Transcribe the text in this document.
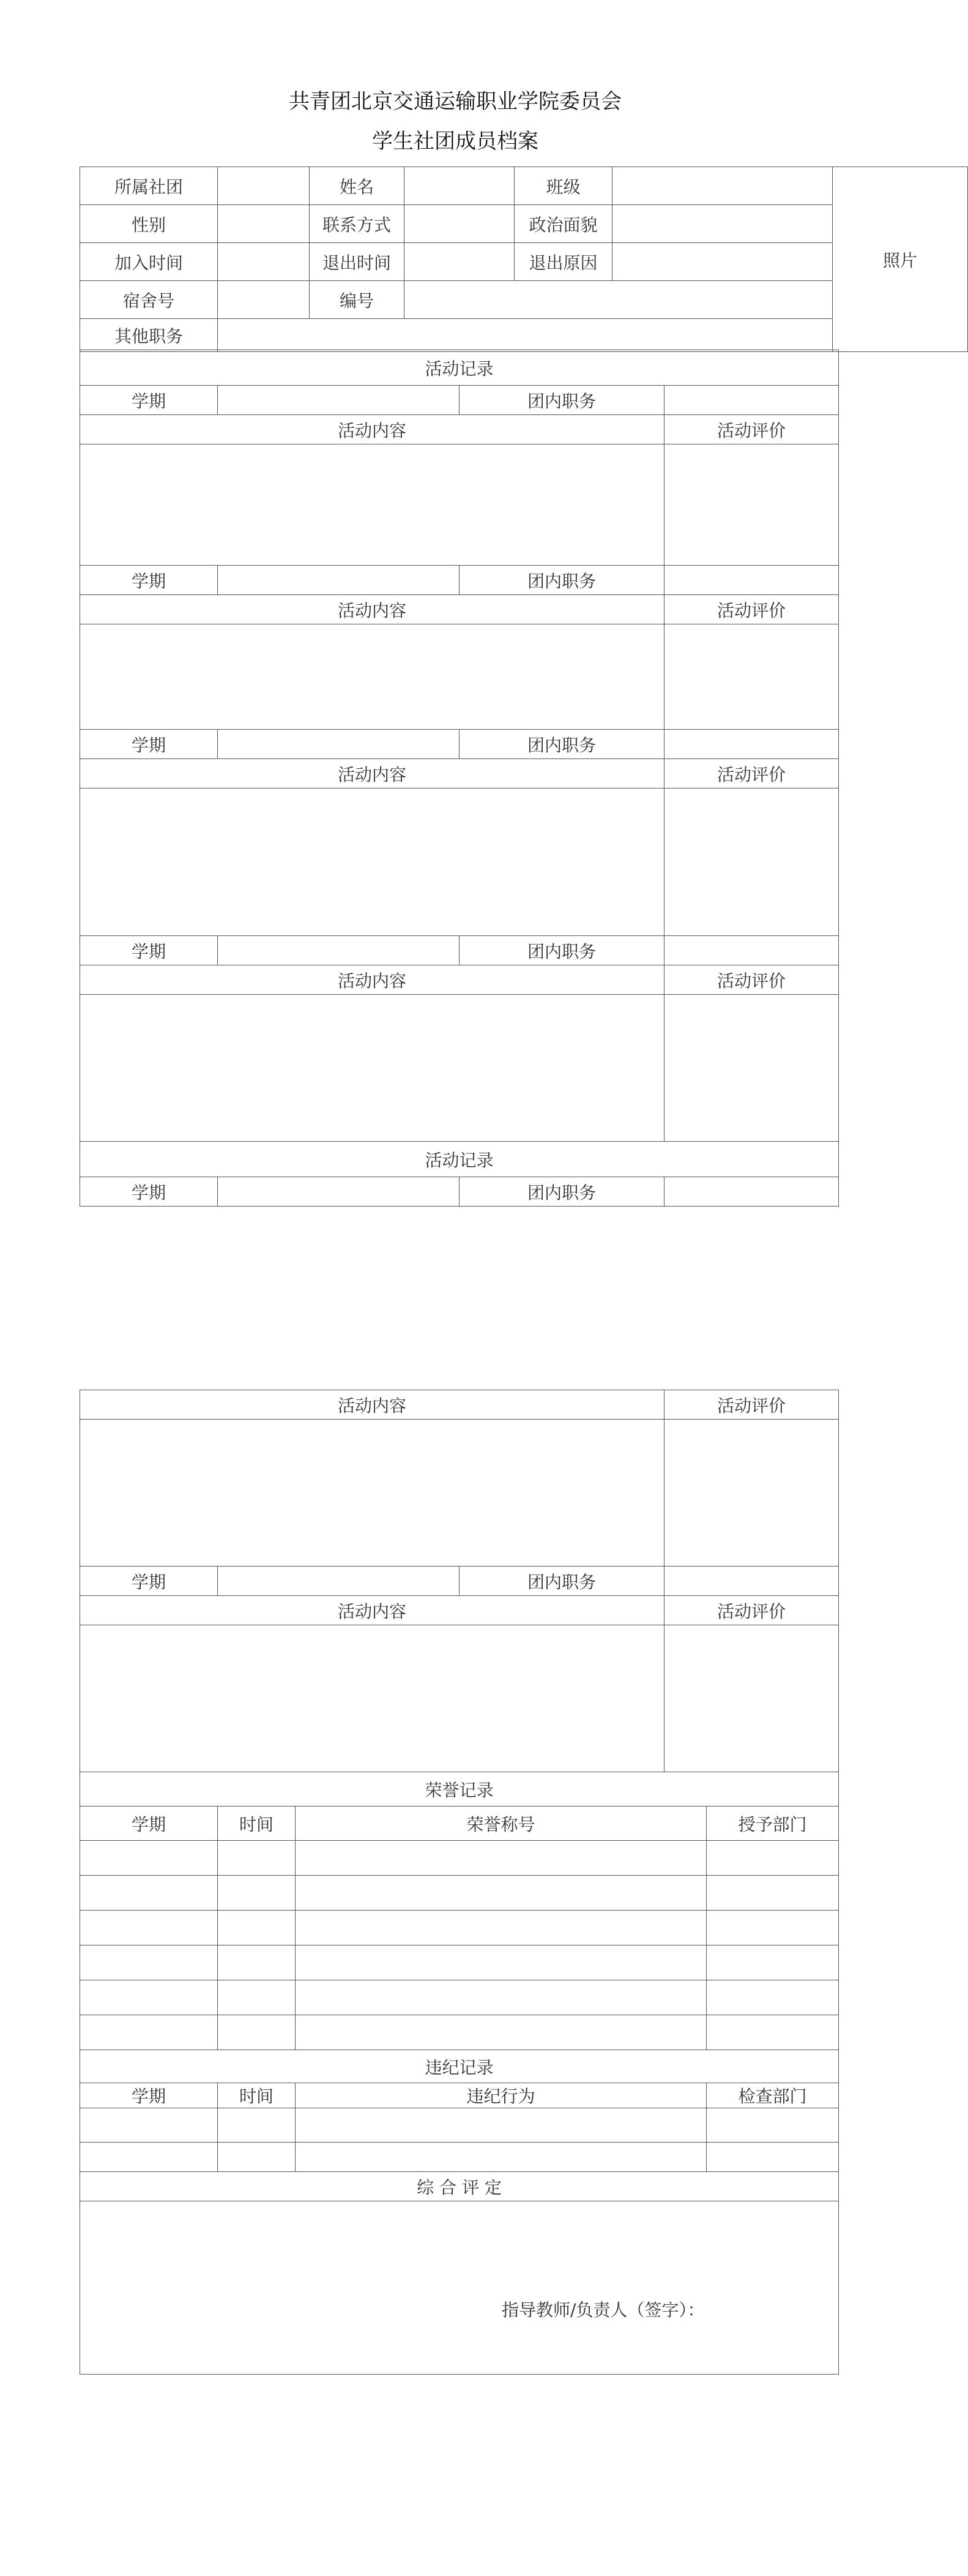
共青团北京交通运输职业学院委员会
学生社团成员档案
所属社团		姓名		班级		照片
性别		联系方式		政治面貌		
加入时间		退出时间		退出原因		
宿舍号		编号				
其他职务						
活动记录			
学期		团内职务	
活动内容			活动评价

学期		团内职务	
活动内容			活动评价

学期		团内职务	
活动内容			活动评价

学期		团内职务	
活动内容			活动评价

活动记录			
学期		团内职务	
活动内容			活动评价

学期		团内职务	
活动内容			活动评价

荣誉记录			
学期	时间	荣誉称号	授予部门

违纪记录			
学期	时间	违纪行为	检查部门

综 合 评 定			

指导教师/负责人（签字）：
